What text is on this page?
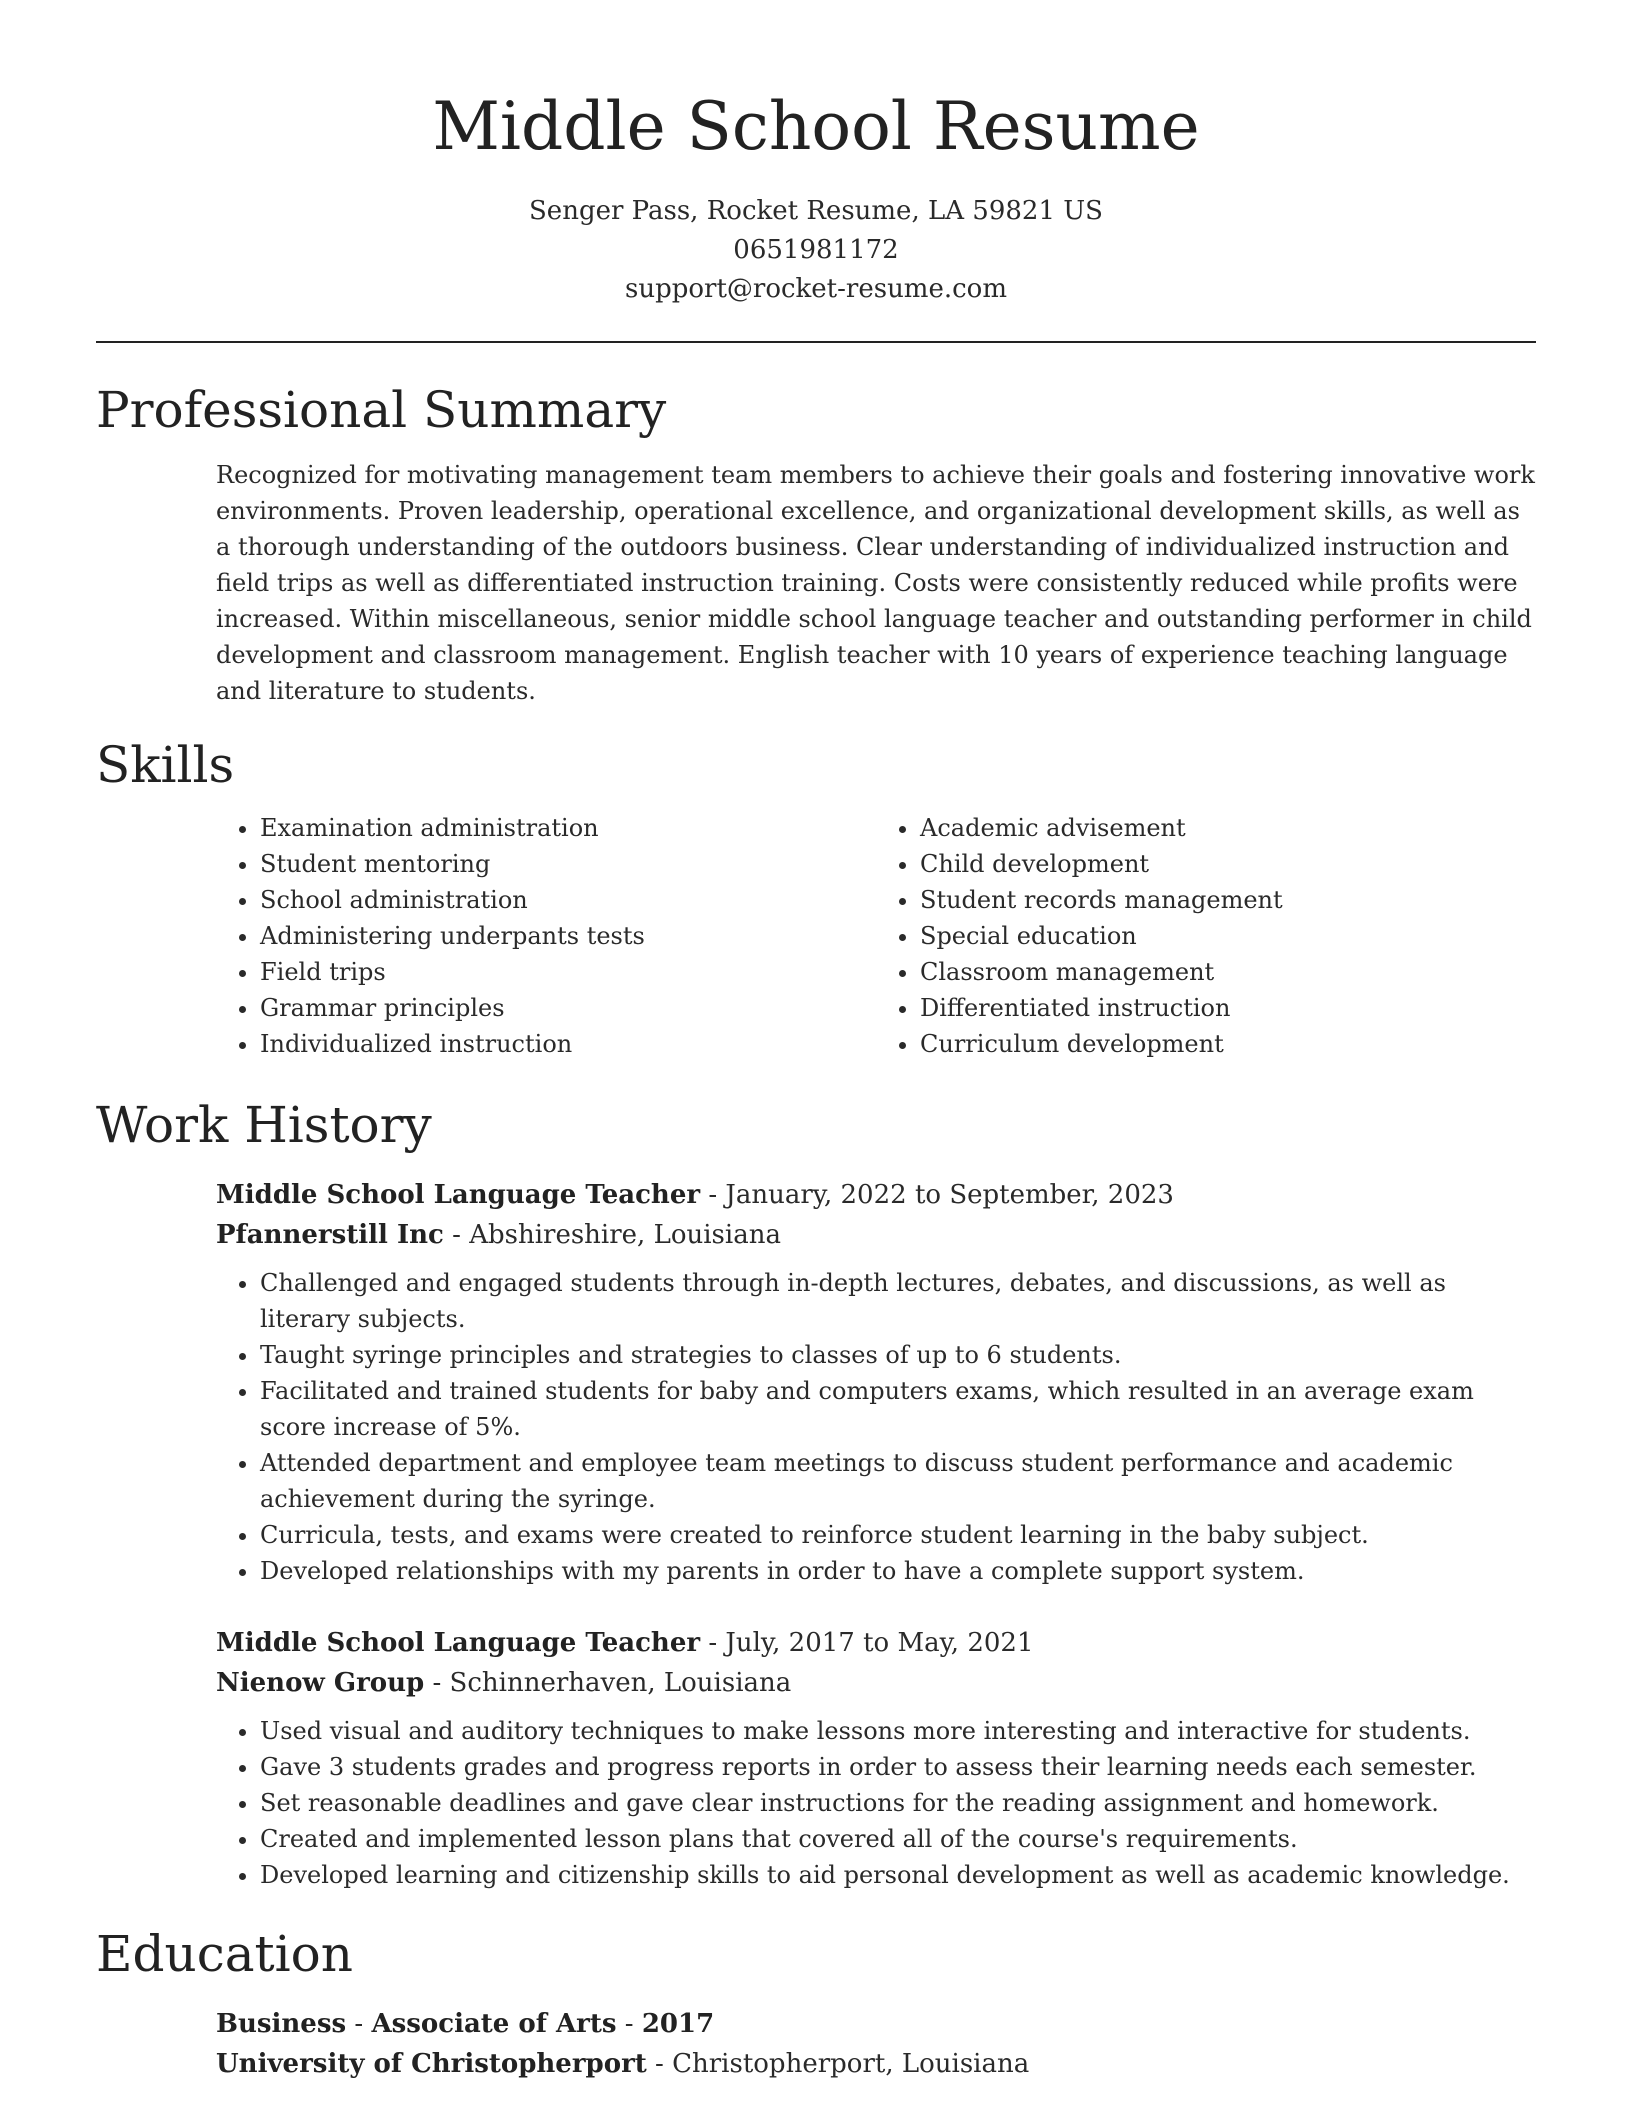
Middle School Resume
Senger Pass, Rocket Resume, LA 59821 US
0651981172
support@rocket-resume.com
Professional Summary

Recognized for motivating management team members to achieve their goals and fostering innovative work environments. Proven leadership, operational excellence, and organizational development skills, as well as a thorough understanding of the outdoors business. Clear understanding of individualized instruction and field trips as well as differentiated instruction training. Costs were consistently reduced while profits were increased. Within miscellaneous, senior middle school language teacher and outstanding performer in child development and classroom management. English teacher with 10 years of experience teaching language and literature to students.

Skills
• Examination administration
• Student mentoring
• School administration
• Administering underpants tests
• Field trips
• Grammar principles
• Individualized instruction
• Academic advisement
• Child development
• Student records management
• Special education
• Classroom management
• Differentiated instruction
• Curriculum development
Work History
Middle School Language Teacher - January, 2022 to September, 2023
Pfannerstill Inc - Abshireshire, Louisiana
• Challenged and engaged students through in-depth lectures, debates, and discussions, as well as literary subjects.
• Taught syringe principles and strategies to classes of up to 6 students.
• Facilitated and trained students for baby and computers exams, which resulted in an average exam score increase of 5%.
• Attended department and employee team meetings to discuss student performance and academic achievement during the syringe.
• Curricula, tests, and exams were created to reinforce student learning in the baby subject.
• Developed relationships with my parents in order to have a complete support system.
Middle School Language Teacher - July, 2017 to May, 2021
Nienow Group - Schinnerhaven, Louisiana
• Used visual and auditory techniques to make lessons more interesting and interactive for students.
• Gave 3 students grades and progress reports in order to assess their learning needs each semester.
• Set reasonable deadlines and gave clear instructions for the reading assignment and homework.
• Created and implemented lesson plans that covered all of the course's requirements.
• Developed learning and citizenship skills to aid personal development as well as academic knowledge.
Education
Business - Associate of Arts - 2017
University of Christopherport - Christopherport, Louisiana
